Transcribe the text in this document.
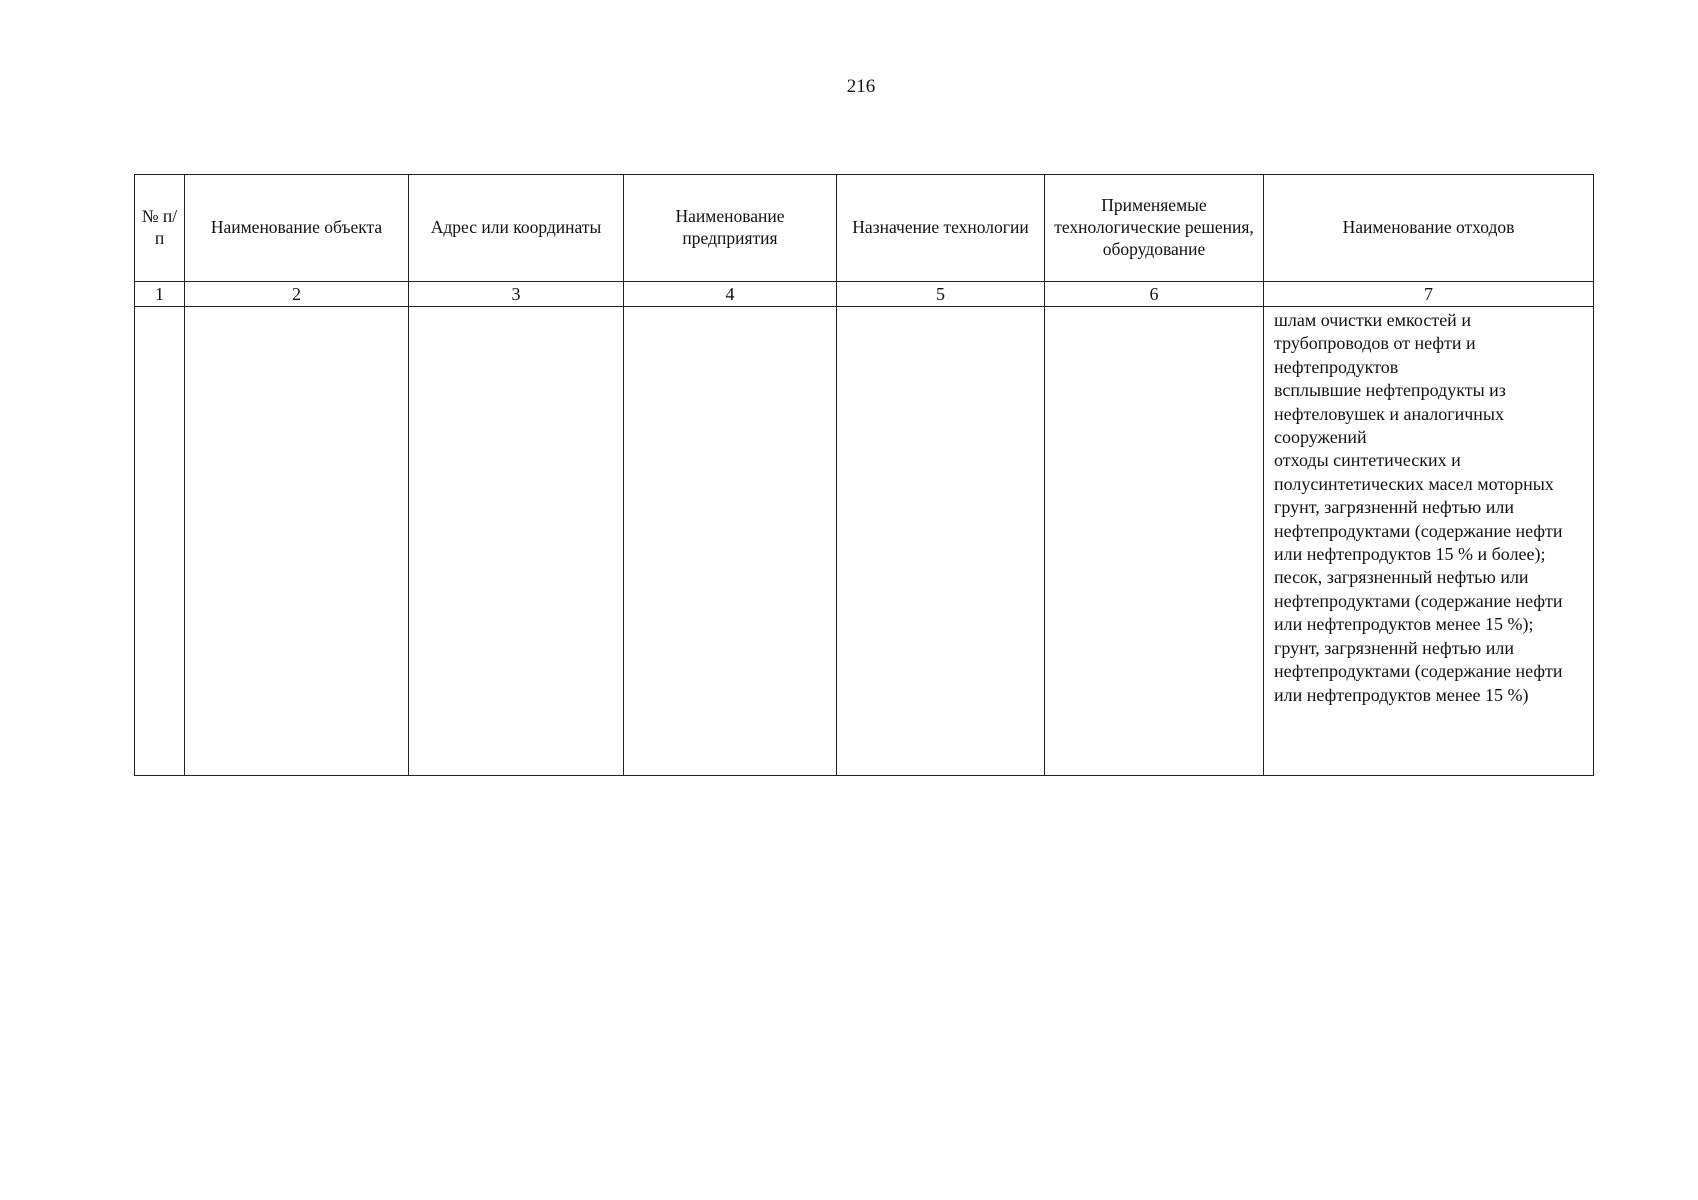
216
№ п/п	Наименование объекта	Адрес или координаты	Наименование предприятия	Назначение технологии	Применяемые технологические решения, оборудование	Наименование отходов
1	2	3	4	5	6	7

						шлам очистки емкостей и трубопроводов от нефти и нефтепродуктов
всплывшие нефтепродукты из нефтеловушек и аналогичных сооружений
отходы синтетических и полусинтетических масел моторных
грунт, загрязненнй нефтью или нефтепродуктами (содержание нефти или нефтепродуктов 15 % и более); песок, загрязненный нефтью или нефтепродуктами (содержание нефти или нефтепродуктов менее 15 %);
грунт, загрязненнй нефтью или нефтепродуктами (содержание нефти или нефтепродуктов менее 15 %)
